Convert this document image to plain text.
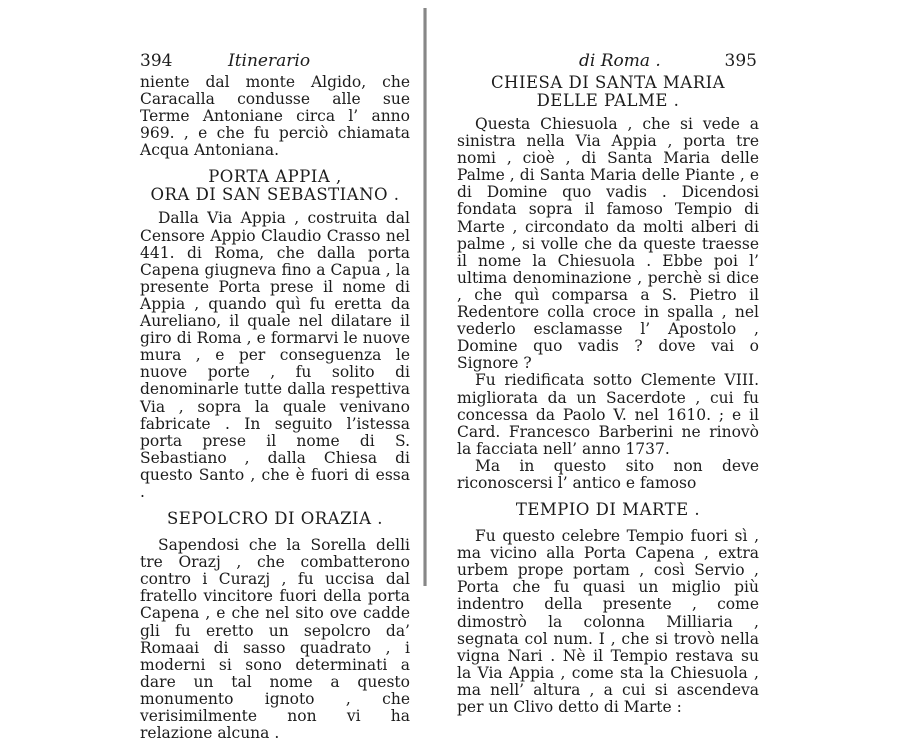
394	Itinerario

niente dal monte Algido, che Caracalla condusse alle sue Terme Antoniane circa l’ anno 969. , e che fu perciò chiamata Acqua Antoniana.

PORTA APPIA ,

ORA DI SAN SEBASTIANO .

Dalla Via Appia , costruita dal Censore Appio Claudio Crasso nel 441. di Roma, che dalla porta Capena giugneva fino a Capua , la presente Porta prese il nome di Appia , quando quì fu eretta da Aureliano, il quale nel dilatare il giro di Roma , e formarvi le nuove mura , e per conseguenza le nuove porte , fu solito di denominarle tutte dalla respettiva Via , sopra la quale venivano fabricate . In seguito l’istessa porta prese il nome di S. Sebastiano , dalla Chiesa di questo Santo , che è fuori di essa .

SEPOLCRO DI ORAZIA .

Sapendosi che la Sorella delli tre Orazj , che combatterono contro i Curazj , fu uccisa dal fratello vincitore fuori della porta Capena , e che nel sito ove cadde gli fu eretto un sepolcro da’ Romaai di sasso quadrato , i moderni si sono determinati a dare un tal nome a questo monumento ignoto , che verisimilmente non vi ha relazione alcuna .

di Roma .	395

CHIESA DI SANTA MARIA

DELLE PALME .

Questa Chiesuola , che si vede a sinistra nella Via Appia , porta tre nomi , cioè , di Santa Maria delle Palme , di Santa Maria delle Piante , e di Domine quo vadis . Dicendosi fondata sopra il famoso Tempio di Marte , circondato da molti alberi di palme , si volle che da queste traesse il nome la Chiesuola . Ebbe poi l’ ultima denominazione , perchè si dice , che quì comparsa a S. Pietro il Redentore colla croce in spalla , nel vederlo esclamasse l’ Apostolo , Domine quo vadis ? dove vai o Signore ?

Fu riedificata sotto Clemente VIII. migliorata da un Sacerdote , cui fu concessa da Paolo V. nel 1610. ; e il Card. Francesco Barberini ne rinovò la facciata nell’ anno 1737.

Ma in questo sito non deve riconoscersi l’ antico e famoso

TEMPIO DI MARTE .

Fu questo celebre Tempio fuori sì , ma vicino alla Porta Capena , extra urbem prope portam , così Servio , Porta che fu quasi un miglio più indentro della presente , come dimostrò la colonna Milliaria , segnata col num. I , che si trovò nella vigna Nari . Nè il Tempio restava su la Via Appia , come sta la Chiesuola , ma nell’ altura , a cui si ascendeva per un Clivo detto di Marte :
